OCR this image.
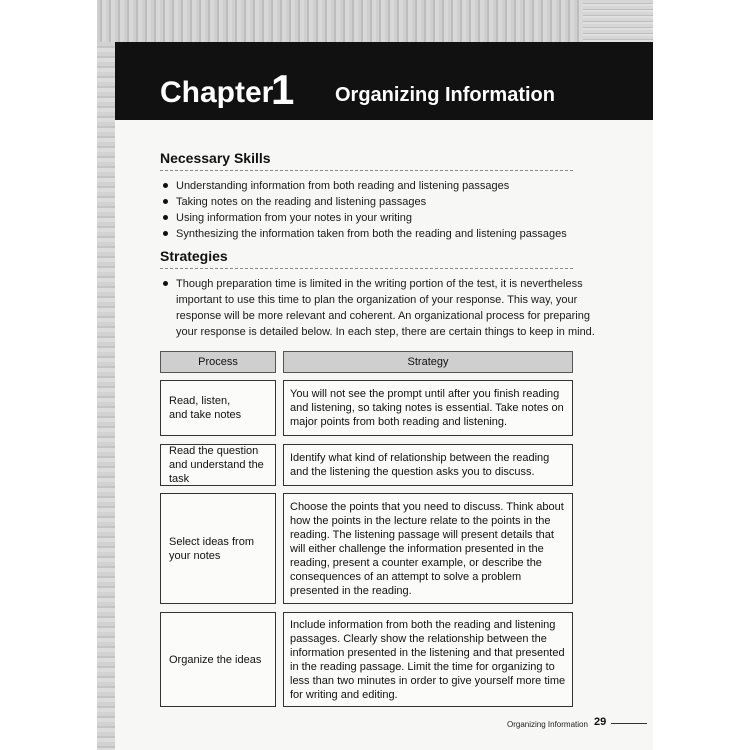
Chapter
1 Organizing Information
Necessary Skills
Understanding information from both reading and listening passages
Taking notes on the reading and listening passages
Using information from your notes in your writing
Synthesizing the information taken from both the reading and listening passages
Strategies

Though preparation time is limited in the writing portion of the test, it is nevertheless important to use this time to plan the organization of your response. This way, your response will be more relevant and coherent. An organizational process for preparing your response is detailed below. In each step, there are certain things to keep in mind.

Process	Strategy
Read, listen, and take notes
You will not see the prompt until after you finish reading and listening, so taking notes is essential. Take notes on major points from both reading and listening.
Read the question and understand the task
Identify what kind of relationship between the reading and the listening the question asks you to discuss.
Select ideas from your notes
Choose the points that you need to discuss. Think about how the points in the lecture relate to the points in the reading. The listening passage will present details that will either challenge the information presented in the reading, present a counter example, or describe the consequences of an attempt to solve a problem presented in the reading.
Organize the ideas
Include information from both the reading and listening passages. Clearly show the relationship between the information presented in the listening and that presented in the reading passage. Limit the time for organizing to less than two minutes in order to give yourself more time for writing and editing.
Organizing Information 29
